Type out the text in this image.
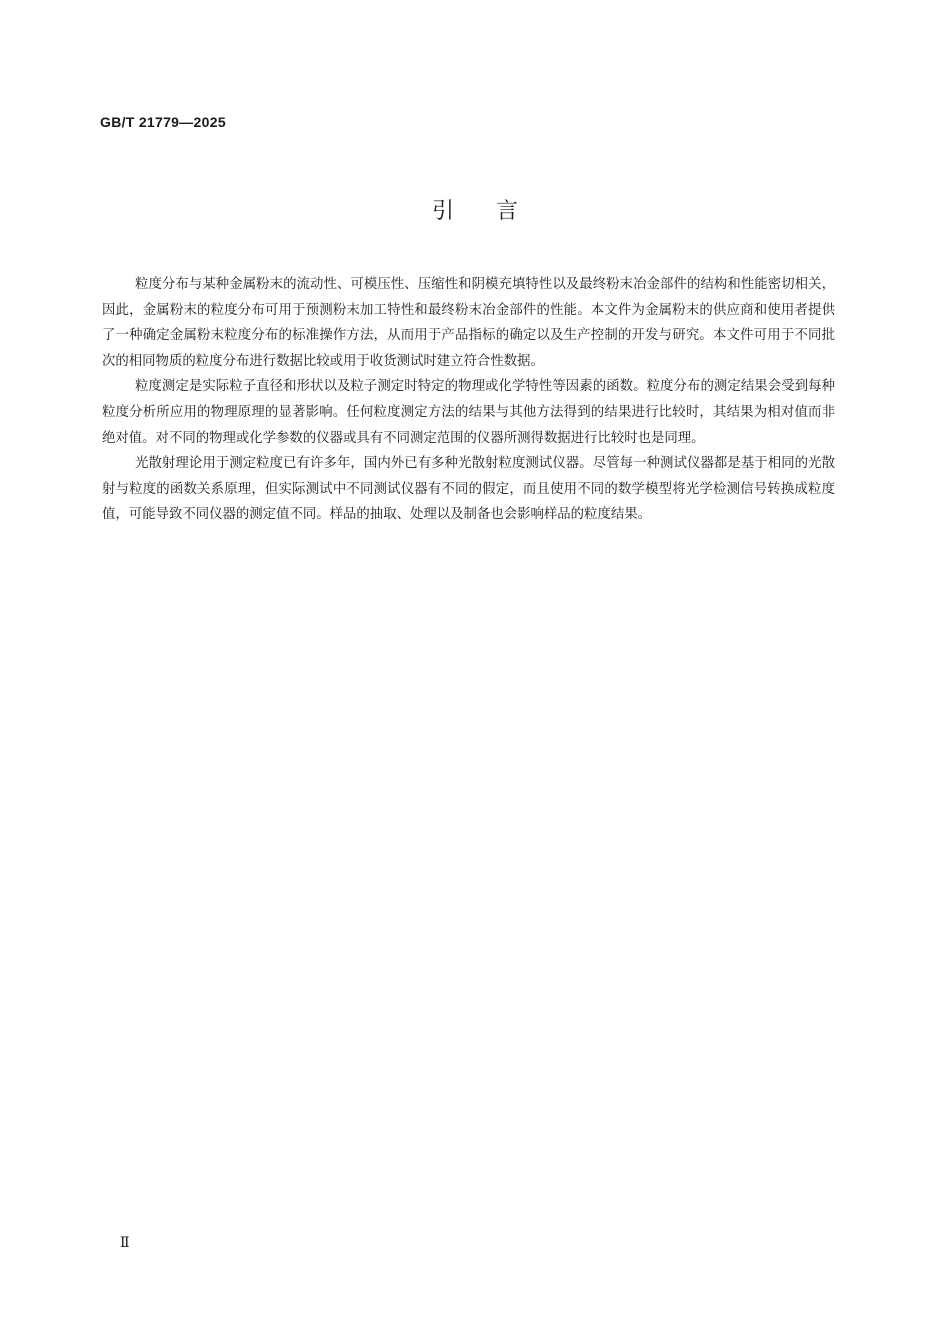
GB/T 21779—2025
引言

粒度分布与某种金属粉末的流动性、可模压性、压缩性和阴模充填特性以及最终粉末冶金部件的结构和性能密切相关，因此，金属粉末的粒度分布可用于预测粉末加工特性和最终粉末冶金部件的性能。本文件为金属粉末的供应商和使用者提供了一种确定金属粉末粒度分布的标准操作方法，从而用于产品指标的确定以及生产控制的开发与研究。本文件可用于不同批次的相同物质的粒度分布进行数据比较或用于收货测试时建立符合性数据。

粒度测定是实际粒子直径和形状以及粒子测定时特定的物理或化学特性等因素的函数。粒度分布的测定结果会受到每种粒度分析所应用的物理原理的显著影响。任何粒度测定方法的结果与其他方法得到的结果进行比较时，其结果为相对值而非绝对值。对不同的物理或化学参数的仪器或具有不同测定范围的仪器所测得数据进行比较时也是同理。

光散射理论用于测定粒度已有许多年，国内外已有多种光散射粒度测试仪器。尽管每一种测试仪器都是基于相同的光散射与粒度的函数关系原理，但实际测试中不同测试仪器有不同的假定，而且使用不同的数学模型将光学检测信号转换成粒度值，可能导致不同仪器的测定值不同。样品的抽取、处理以及制备也会影响样品的粒度结果。

Ⅱ
